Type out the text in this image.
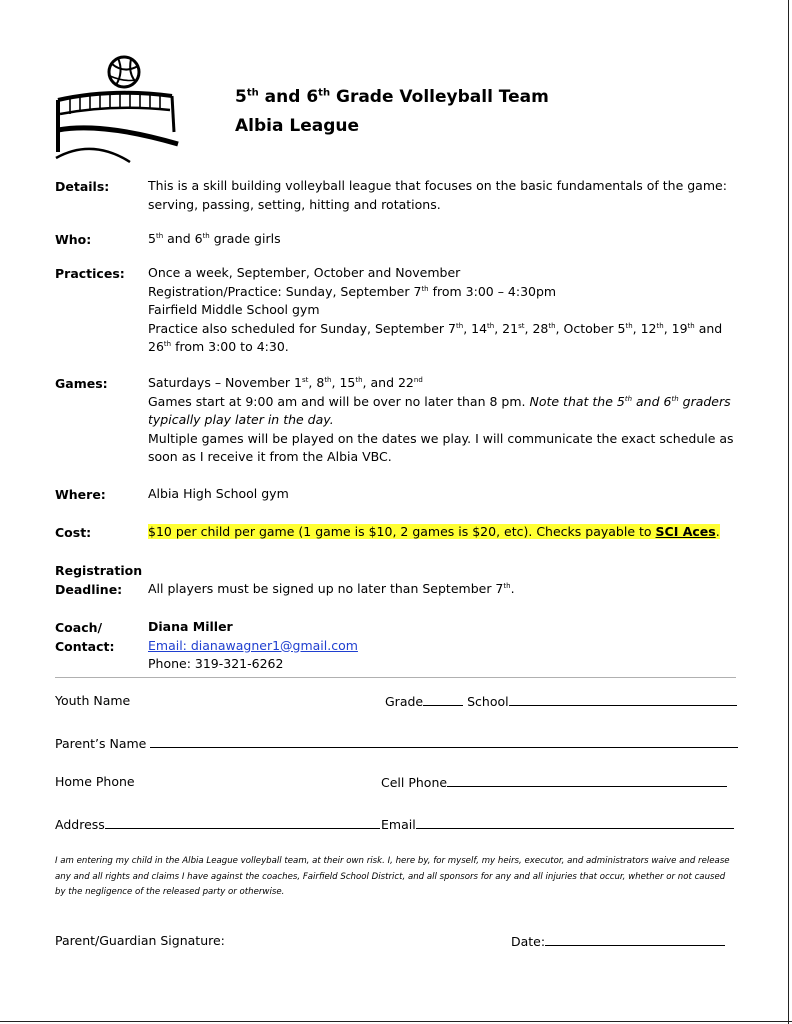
5th and 6th Grade Volleyball Team
Albia League
Details:	This is a skill building volleyball league that focuses on the basic fundamentals of the game: serving, passing, setting, hitting and rotations.
Who:	5th and 6th grade girls
Practices: Once a week, September, October and November
Registration/Practice: Sunday, September 7th from 3:00 – 4:30pm
Fairfield Middle School gym
Practice also scheduled for Sunday, September 7th, 14th, 21st, 28th, October 5th, 12th, 19th and
26th from 3:00 to 4:30.
Games:	Saturdays – November 1st, 8th, 15th, and 22nd
Games start at 9:00 am and will be over no later than 8 pm. Note that the 5th and 6th graders
typically play later in the day.
Multiple games will be played on the dates we play. I will communicate the exact schedule as soon as I receive it from the Albia VBC.
Where:	Albia High School gym
Cost:	$10 per child per game (1 game is $10, 2 games is $20, etc). Checks payable to SCI Aces.
Registration
Deadline: All players must be signed up no later than September 7th.
Coach/
Contact:
Diana Miller
Email: dianawagner1@gmail.com
Phone: 319-321-6262
Youth Name	Grade	School
Parent’s Name
Home Phone	Cell Phone
Address	Email
I am entering my child in the Albia League volleyball team, at their own risk. I, here by, for myself, my heirs, executor, and administrators waive and release any and all rights and claims I have against the coaches, Fairfield School District, and all sponsors for any and all injuries that occur, whether or not caused by the negligence of the released party or otherwise.
Parent/Guardian Signature:	Date:
